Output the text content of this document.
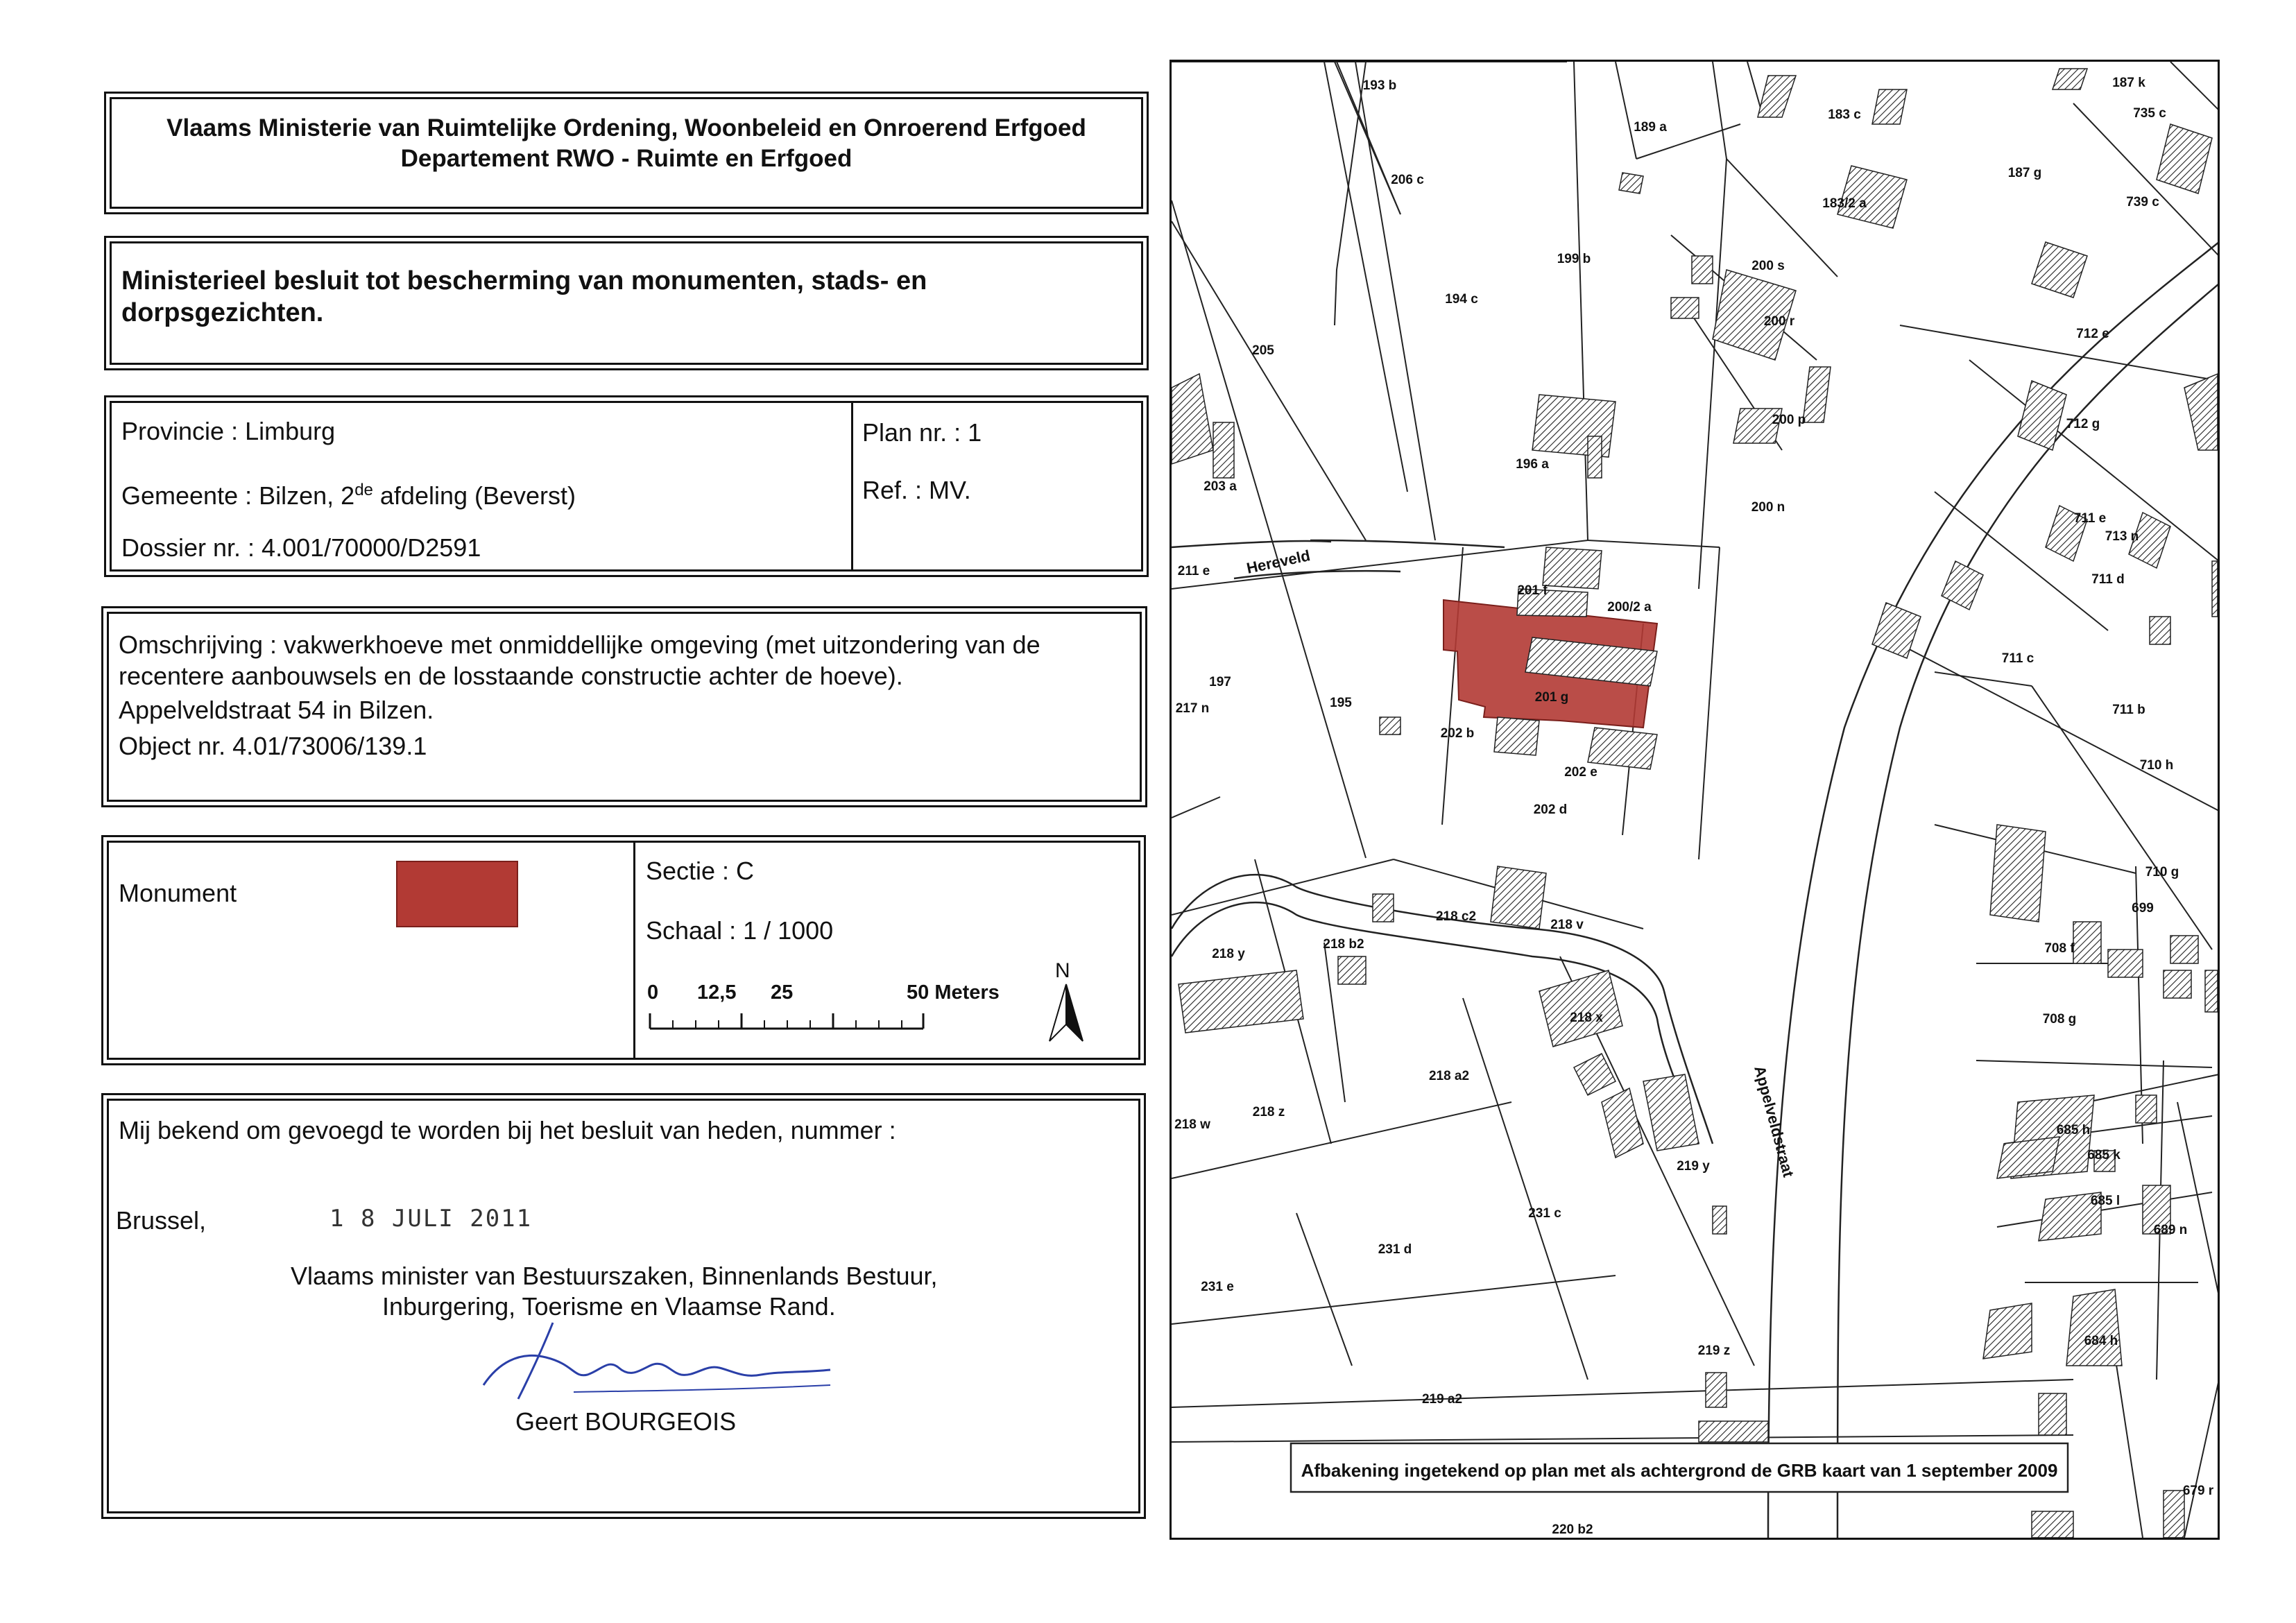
Vlaams Ministerie van Ruimtelijke Ordening, Woonbeleid en Onroerend Erfgoed
Departement RWO - Ruimte en Erfgoed
Ministerieel besluit tot bescherming van monumenten, stads- en
dorpsgezichten.
Provincie : Limburg
Gemeente : Bilzen, 2de afdeling (Beverst)
Dossier nr. : 4.001/70000/D2591
Plan nr. : 1
Ref. : MV.
Omschrijving : vakwerkhoeve met onmiddellijke omgeving (met uitzondering van de
recentere aanbouwsels en de losstaande constructie achter de hoeve).
Appelveldstraat 54 in Bilzen.
Object nr. 4.01/73006/139.1
Monument
Sectie : C
Schaal : 1 / 1000
0 12,5 25	50 Meters
N
Mij bekend om gevoegd te worden bij het besluit van heden, nummer :
Brussel,	1 8 JULI 2011
Vlaams minister van Bestuurszaken, Binnenlands Bestuur,
Inburgering, Toerisme en Vlaamse Rand.
Geert BOURGEOIS
193 b	187 k
183 c	735 c
189 a
206 c	187 g
183/2 a	739 c
199 b	200 s
194 c
200 r
712 e
205
200 p	712 g
196 a
203 a
200 n
711 e
713 n
211 e
201 f
711 d
200/2 a
711 c
201 g
197
195	711 b
217 n
202 b
710 h
202 e
202 d
710 g
699
218 c2
218 v
218 y
218 b2	708 f
218 x	708 g
218 a2
218 w
218 z
685 h
685 k
219 y
685 l
231 c
689 n
231 d
231 e
219 z
684 h
219 a2
679 r
220 b2
Hereveld
Appelveldstraat
Afbakening ingetekend op plan met als achtergrond de GRB kaart van 1 september 2009
